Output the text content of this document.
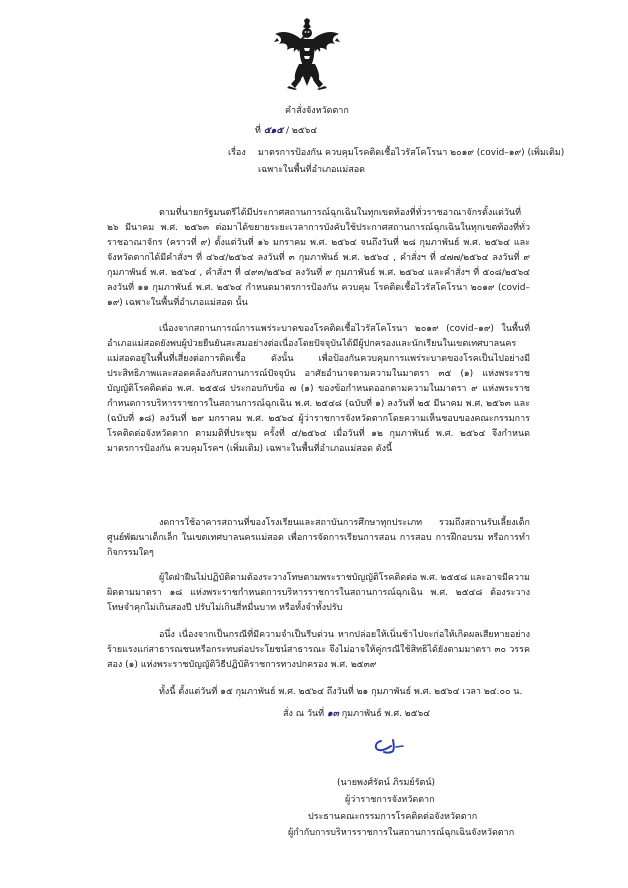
คำสั่งจังหวัดตาก
ที่ ๕๑๕ / ๒๕๖๔
เรื่อง มาตรการป้องกัน ควบคุมโรคติดเชื้อไวรัสโคโรนา ๒๐๑๙ (covid–๑๙) (เพิ่มเติม)
เฉพาะในพื้นที่อำเภอแม่สอด
ตามที่นายกรัฐมนตรีได้มีประกาศสถานการณ์ฉุกเฉินในทุกเขตท้องที่ทั่วราชอาณาจักรตั้งแต่วันที่ ๒๖ มีนาคม พ.ศ. ๒๕๖๓ ต่อมาได้ขยายระยะเวลาการบังคับใช้ประกาศสถานการณ์ฉุกเฉินในทุกเขตท้องที่ทั่วราชอาณาจักร (คราวที่ ๙) ตั้งแต่วันที่ ๑๖ มกราคม พ.ศ. ๒๕๖๔ จนถึงวันที่ ๒๘ กุมภาพันธ์ พ.ศ. ๒๕๖๔ และจังหวัดตากได้มีคำสั่งฯ ที่ ๔๖๔/๒๕๖๔ ลงวันที่ ๓ กุมภาพันธ์ พ.ศ. ๒๕๖๔ , คำสั่งฯ ที่ ๔๗๗/๒๕๖๔ ลงวันที่ ๙ กุมภาพันธ์ พ.ศ. ๒๕๖๔ , คำสั่งฯ ที่ ๔๙๓/๒๕๖๔ ลงวันที่ ๙ กุมภาพันธ์ พ.ศ. ๒๕๖๔ และคำสั่งฯ ที่ ๕๐๘/๒๕๖๔ ลงวันที่ ๑๑ กุมภาพันธ์ พ.ศ. ๒๕๖๔ กำหนดมาตรการป้องกัน ควบคุม โรคติดเชื้อไวรัสโคโรนา ๒๐๑๙ (covid–๑๙) เฉพาะในพื้นที่อำเภอแม่สอด นั้น
เนื่องจากสถานการณ์การแพร่ระบาดของโรคติดเชื้อไวรัสโคโรนา ๒๐๑๙ (covid–๑๙) ในพื้นที่อำเภอแม่สอดยังพบผู้ป่วยยืนยันสะสมอย่างต่อเนื่องโดยปัจจุบันได้มีผู้ปกครองและนักเรียนในเขตเทศบาลนครแม่สอดอยู่ในพื้นที่เสี่ยงต่อการติดเชื้อ ดังนั้น เพื่อป้องกันควบคุมการแพร่ระบาดของโรคเป็นไปอย่างมีประสิทธิภาพและสอดคล้องกับสถานการณ์ปัจจุบัน อาศัยอำนาจตามความในมาตรา ๓๕ (๑) แห่งพระราชบัญญัติโรคติดต่อ พ.ศ. ๒๕๕๘ ประกอบกับข้อ ๗ (๑) ของข้อกำหนดออกตามความในมาตรา ๙ แห่งพระราชกำหนดการบริหารราชการในสถานการณ์ฉุกเฉิน พ.ศ. ๒๕๔๘ (ฉบับที่ ๑) ลงวันที่ ๒๕ มีนาคม พ.ศ. ๒๕๖๓ และ (ฉบับที่ ๑๘) ลงวันที่ ๒๙ มกราคม พ.ศ. ๒๕๖๔ ผู้ว่าราชการจังหวัดตากโดยความเห็นชอบของคณะกรรมการโรคติดต่อจังหวัดตาก ตามมติที่ประชุม ครั้งที่ ๔/๒๕๖๔ เมื่อวันที่ ๑๒ กุมภาพันธ์ พ.ศ. ๒๕๖๔ จึงกำหนดมาตรการป้องกัน ควบคุมโรคฯ (เพิ่มเติม) เฉพาะในพื้นที่อำเภอแม่สอด ดังนี้
งดการใช้อาคารสถานที่ของโรงเรียนและสถาบันการศึกษาทุกประเภท รวมถึงสถานรับเลี้ยงเด็ก ศูนย์พัฒนาเด็กเล็ก ในเขตเทศบาลนครแม่สอด เพื่อการจัดการเรียนการสอน การสอบ การฝึกอบรม หรือการทำกิจกรรมใดๆ
ผู้ใดฝ่าฝืนไม่ปฏิบัติตามต้องระวางโทษตามพระราชบัญญัติโรคติดต่อ พ.ศ. ๒๕๕๘ และอาจมีความผิดตามมาตรา ๑๘ แห่งพระราชกำหนดการบริหารราชการในสถานการณ์ฉุกเฉิน พ.ศ. ๒๕๔๘ ต้องระวางโทษจำคุกไม่เกินสองปี ปรับไม่เกินสี่หมื่นบาท หรือทั้งจำทั้งปรับ
อนึ่ง เนื่องจากเป็นกรณีที่มีความจำเป็นรีบด่วน หากปล่อยให้เนิ่นช้าไปจะก่อให้เกิดผลเสียหายอย่างร้ายแรงแก่สาธารณชนหรือกระทบต่อประโยชน์สาธารณะ จึงไม่อาจให้คู่กรณีใช้สิทธิได้ยังตามมาตรา ๓๐ วรรคสอง (๑) แห่งพระราชบัญญัติวิธีปฏิบัติราชการทางปกครอง พ.ศ. ๒๕๓๙
ทั้งนี้ ตั้งแต่วันที่ ๑๕ กุมภาพันธ์ พ.ศ. ๒๕๖๔ ถึงวันที่ ๒๑ กุมภาพันธ์ พ.ศ. ๒๕๖๔ เวลา ๒๔.๐๐ น.
สั่ง ณ วันที่ ๑๓ กุมภาพันธ์ พ.ศ. ๒๕๖๔
(นายพงศ์รัตน์ ภิรมย์รัตน์)
ผู้ว่าราชการจังหวัดตาก
ประธานคณะกรรมการโรคติดต่อจังหวัดตาก
ผู้กำกับการบริหารราชการในสถานการณ์ฉุกเฉินจังหวัดตาก
